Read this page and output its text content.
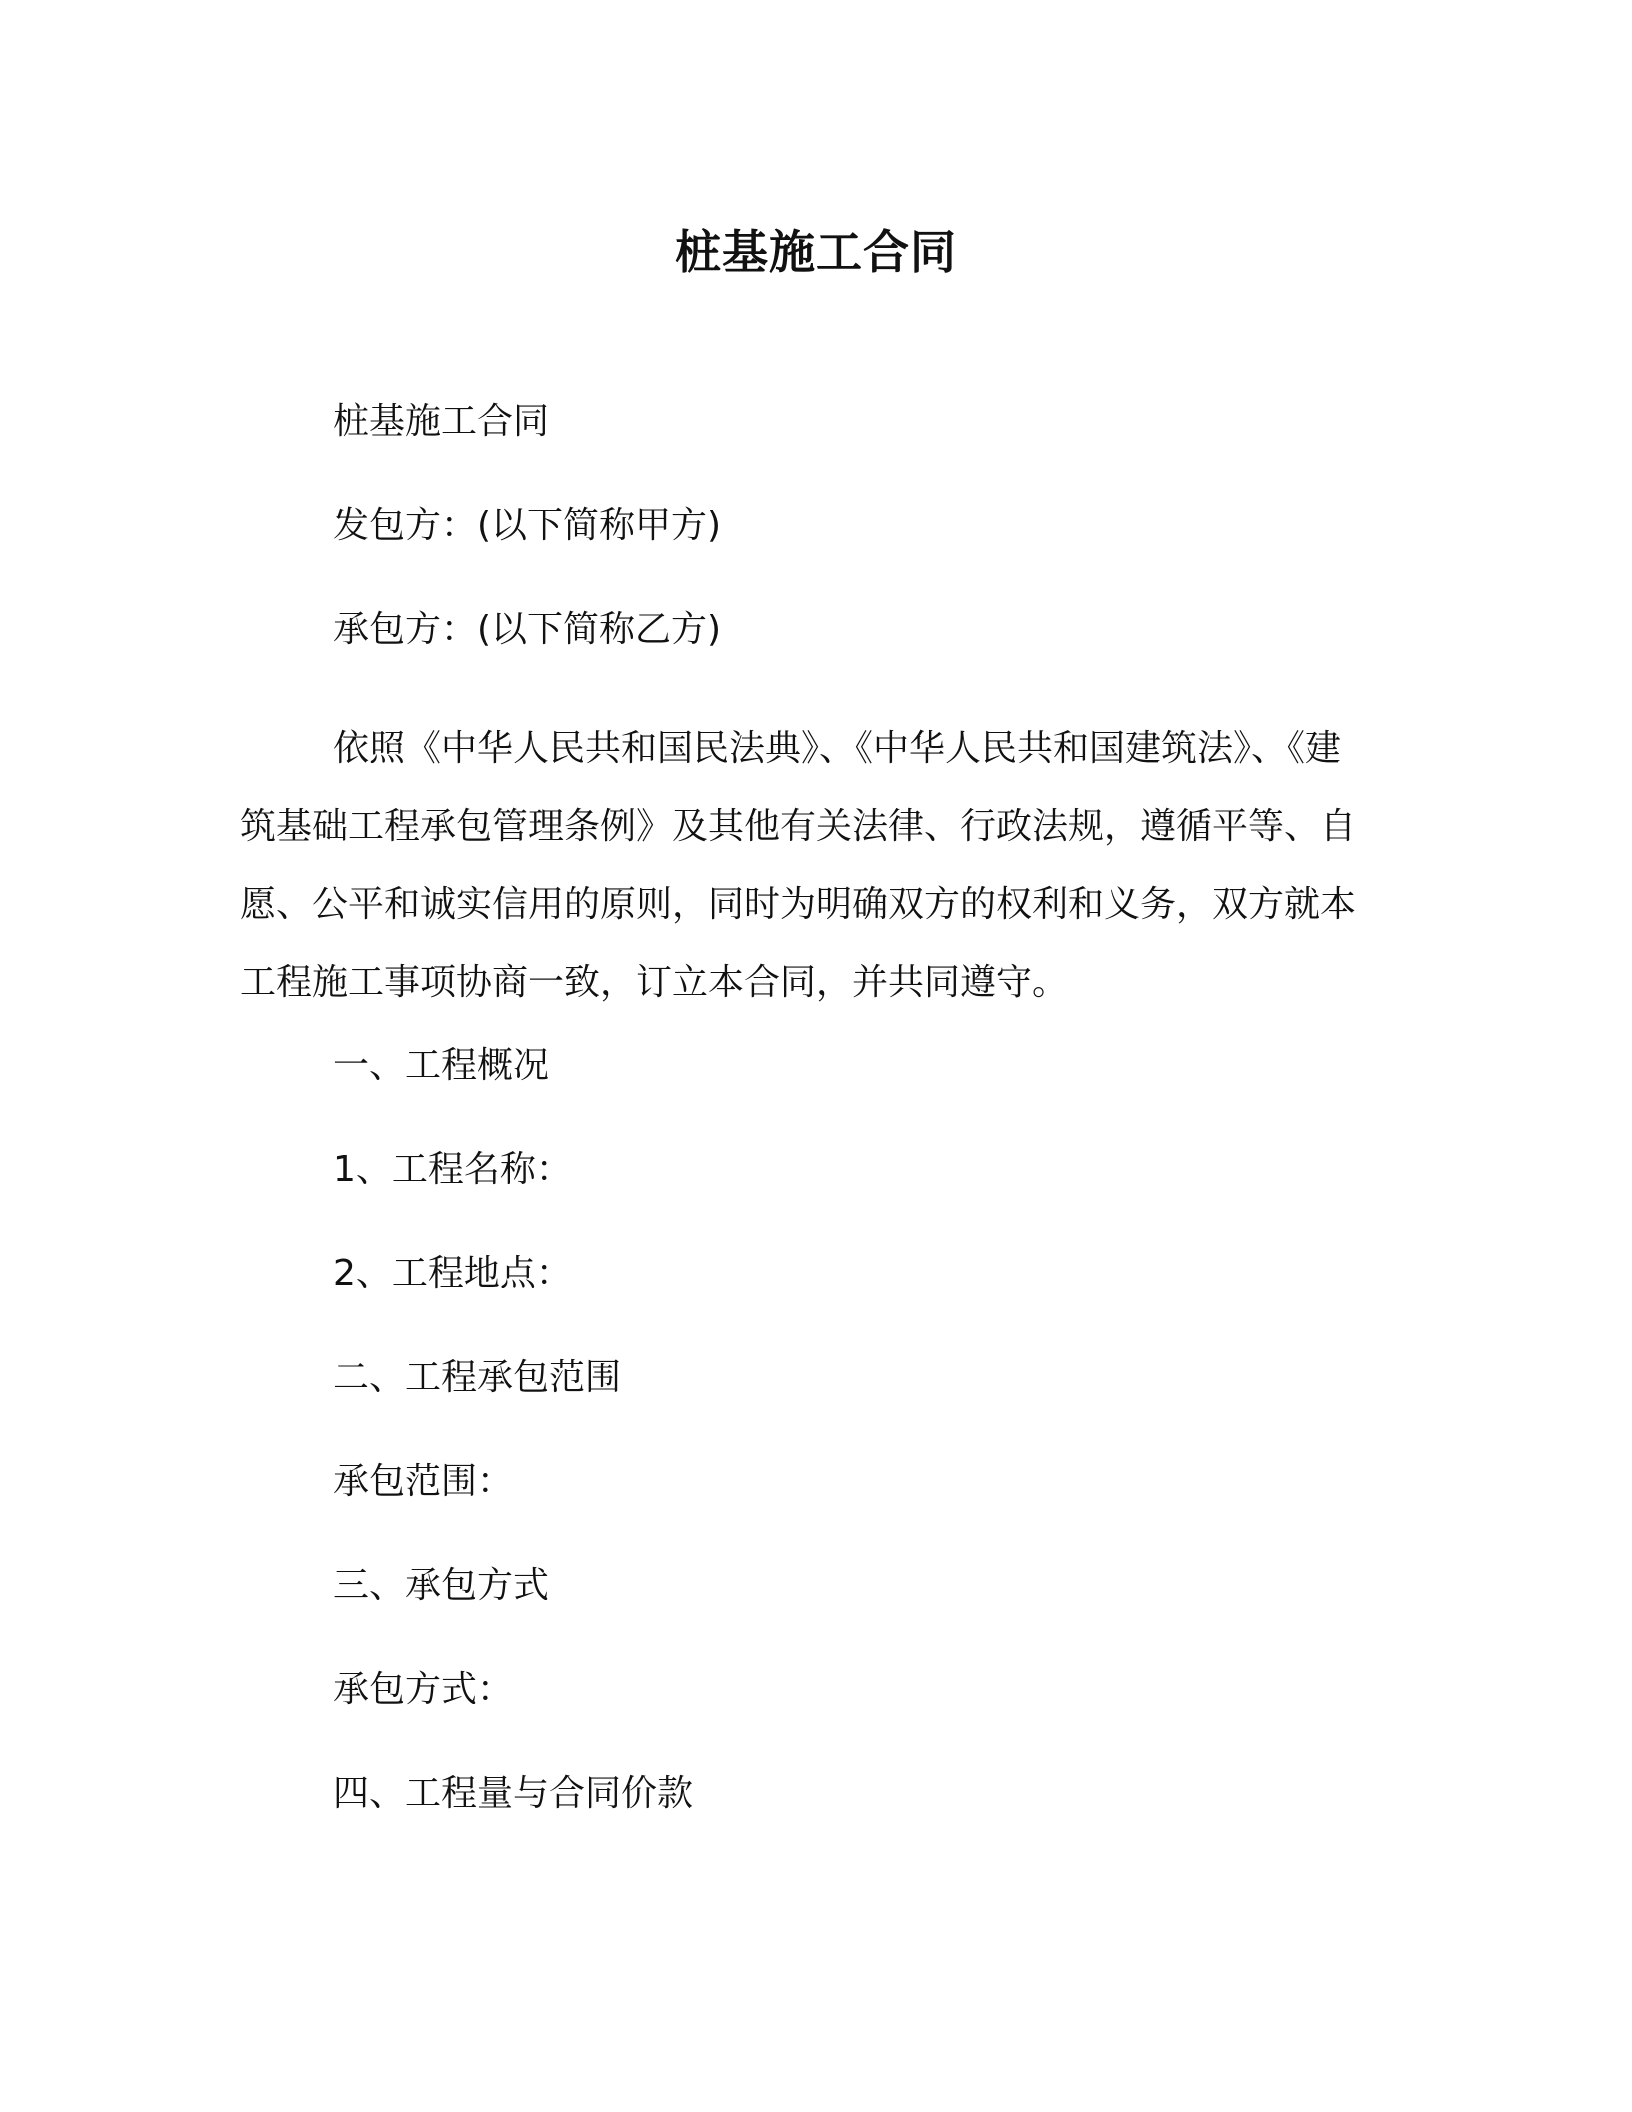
桩基施工合同

桩基施工合同

发包方：(以下简称甲方)

承包方：(以下简称乙方)

依照《中华人民共和国民法典》、《中华人民共和国建筑法》、《建筑基础工程承包管理条例》及其他有关法律、行政法规，遵循平等、自愿、公平和诚实信用的原则，同时为明确双方的权利和义务，双方就本工程施工事项协商一致，订立本合同，并共同遵守。

一、工程概况

1、工程名称：

2、工程地点：

二、工程承包范围

承包范围：

三、承包方式

承包方式：

四、工程量与合同价款
